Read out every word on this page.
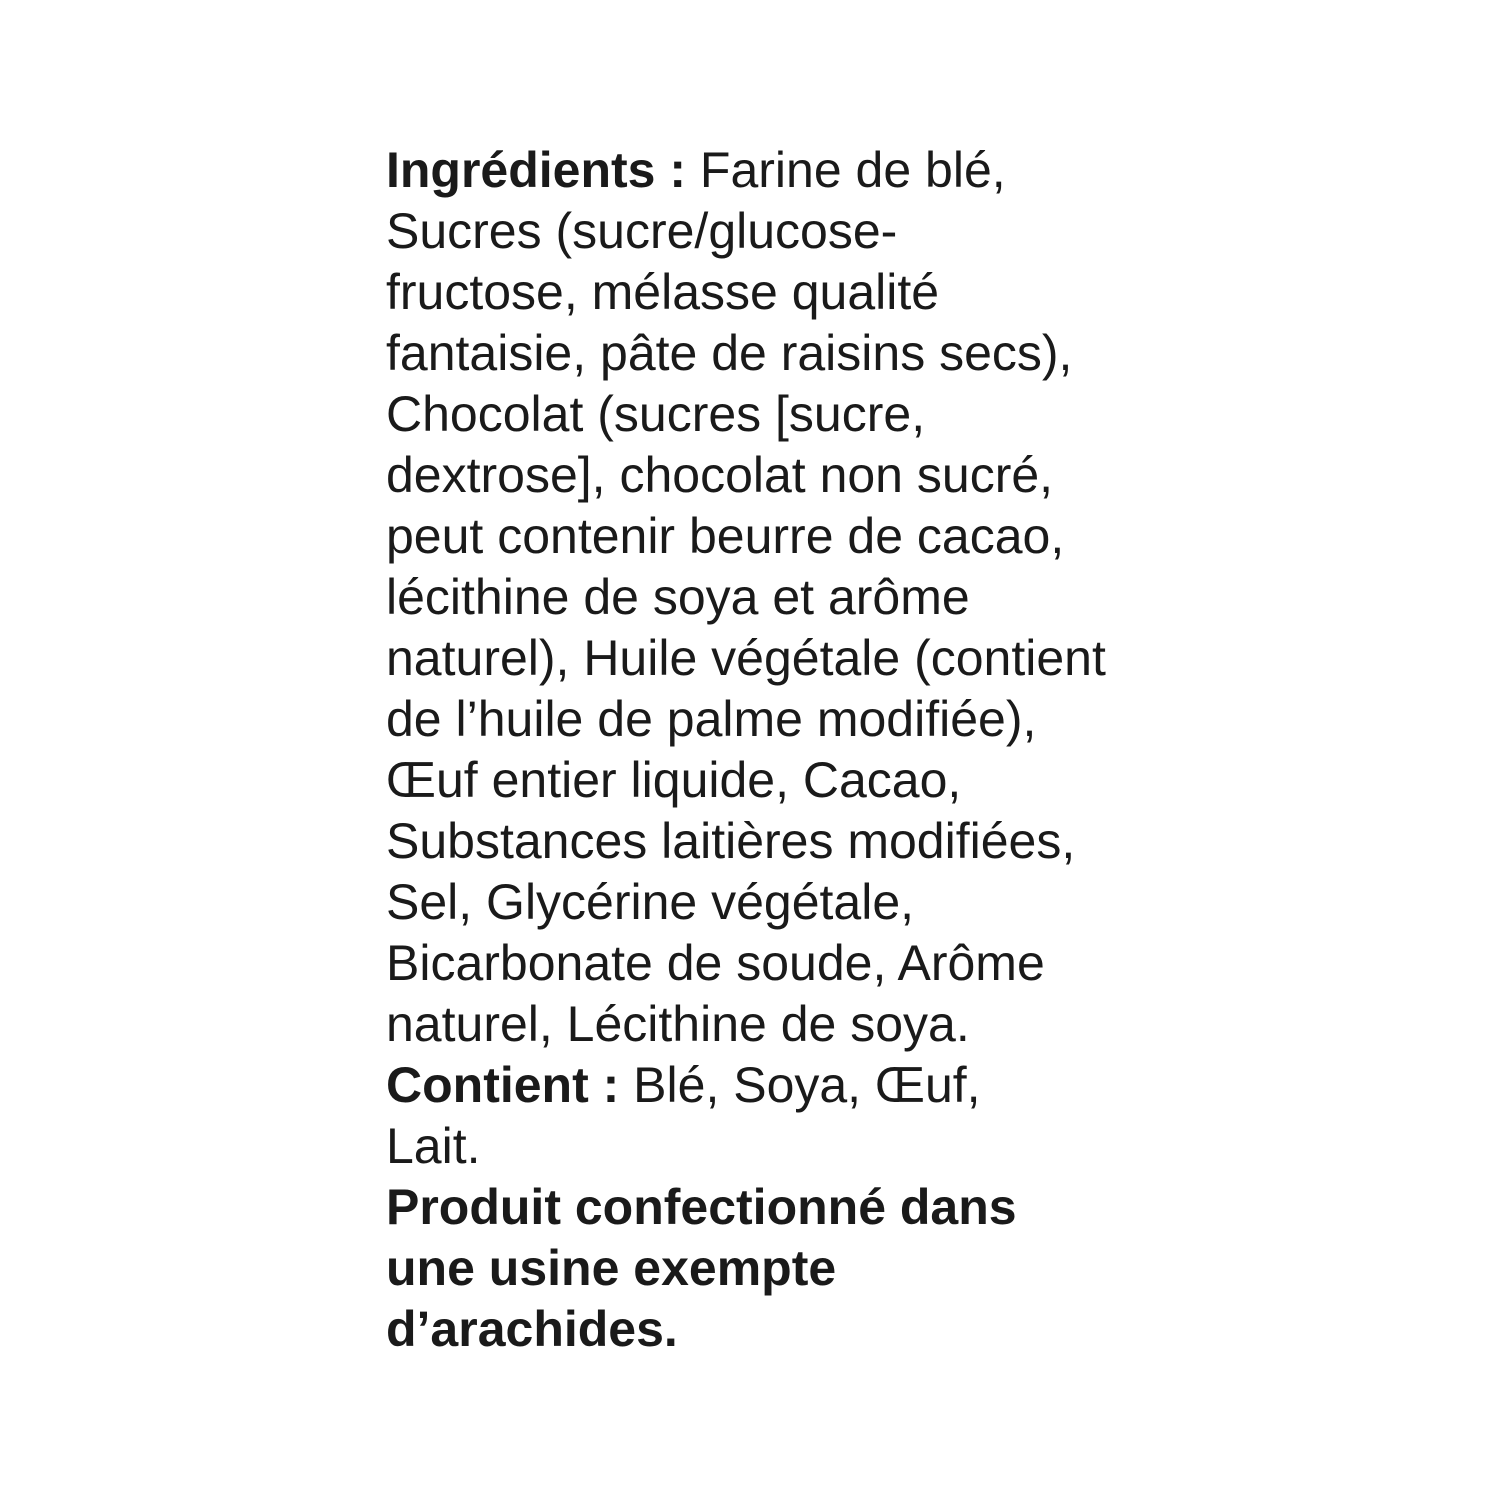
Ingrédients : Farine de blé,
Sucres (sucre/glucose-
fructose, mélasse qualité
fantaisie, pâte de raisins secs),
Chocolat (sucres [sucre,
dextrose], chocolat non sucré,
peut contenir beurre de cacao,
lécithine de soya et arôme
naturel), Huile végétale (contient
de l’huile de palme modifiée),
Œuf entier liquide, Cacao,
Substances laitières modifiées,
Sel, Glycérine végétale,
Bicarbonate de soude, Arôme
naturel, Lécithine de soya.
Contient : Blé, Soya, Œuf,
Lait.
Produit confectionné dans
une usine exempte
d’arachides.
